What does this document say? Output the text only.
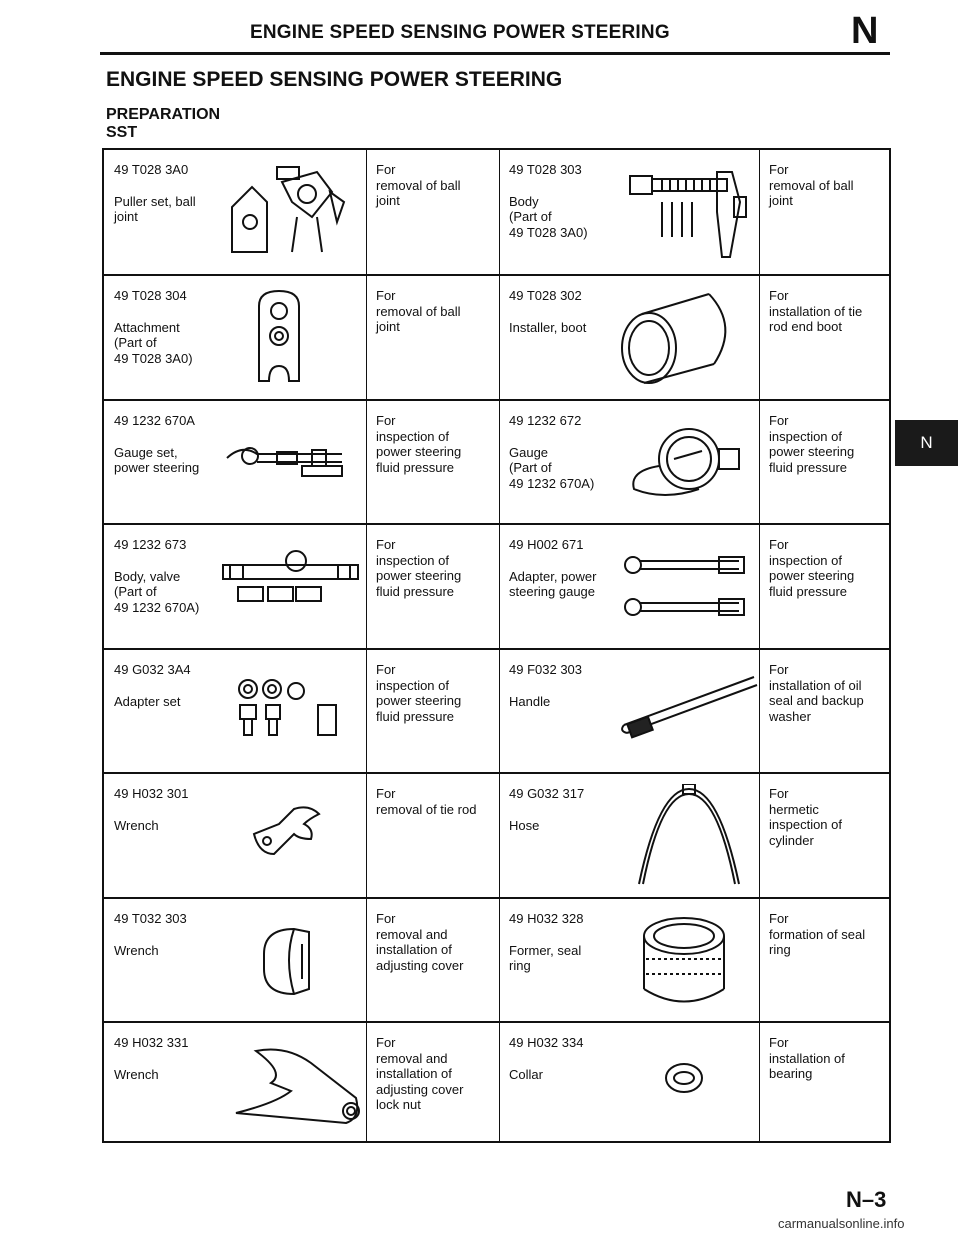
ENGINE SPEED SENSING POWER STEERING	N
ENGINE SPEED SENSING POWER STEERING
PREPARATION
SST
N
49 T028 3A0
Puller set, ball
joint
For
removal of ball
joint
49 T028 303
Body
(Part of
49 T028 3A0)
For
removal of ball
joint
49 T028 304
Attachment
(Part of
49 T028 3A0)
For
removal of ball
joint
49 T028 302
Installer, boot
For
installation of tie
rod end boot
49 1232 670A
Gauge set,
power steering
For
inspection of
power steering
fluid pressure
49 1232 672
Gauge
(Part of
49 1232 670A)
For
inspection of
power steering
fluid pressure
49 1232 673
Body, valve
(Part of
49 1232 670A)
For
inspection of
power steering
fluid pressure
49 H002 671
Adapter, power
steering gauge
For
inspection of
power steering
fluid pressure
49 G032 3A4
Adapter set
For
inspection of
power steering
fluid pressure
49 F032 303
Handle
For
installation of oil
seal and backup
washer
49 H032 301
Wrench
For
removal of tie rod
49 G032 317
Hose
For
hermetic
inspection of
cylinder
49 T032 303
Wrench
For
removal and
installation of
adjusting cover
49 H032 328
Former, seal
ring
For
formation of seal
ring
49 H032 331
Wrench
For
removal and
installation of
adjusting cover
lock nut
49 H032 334
Collar
For
installation of
bearing
N–3
carmanualsonline.info
